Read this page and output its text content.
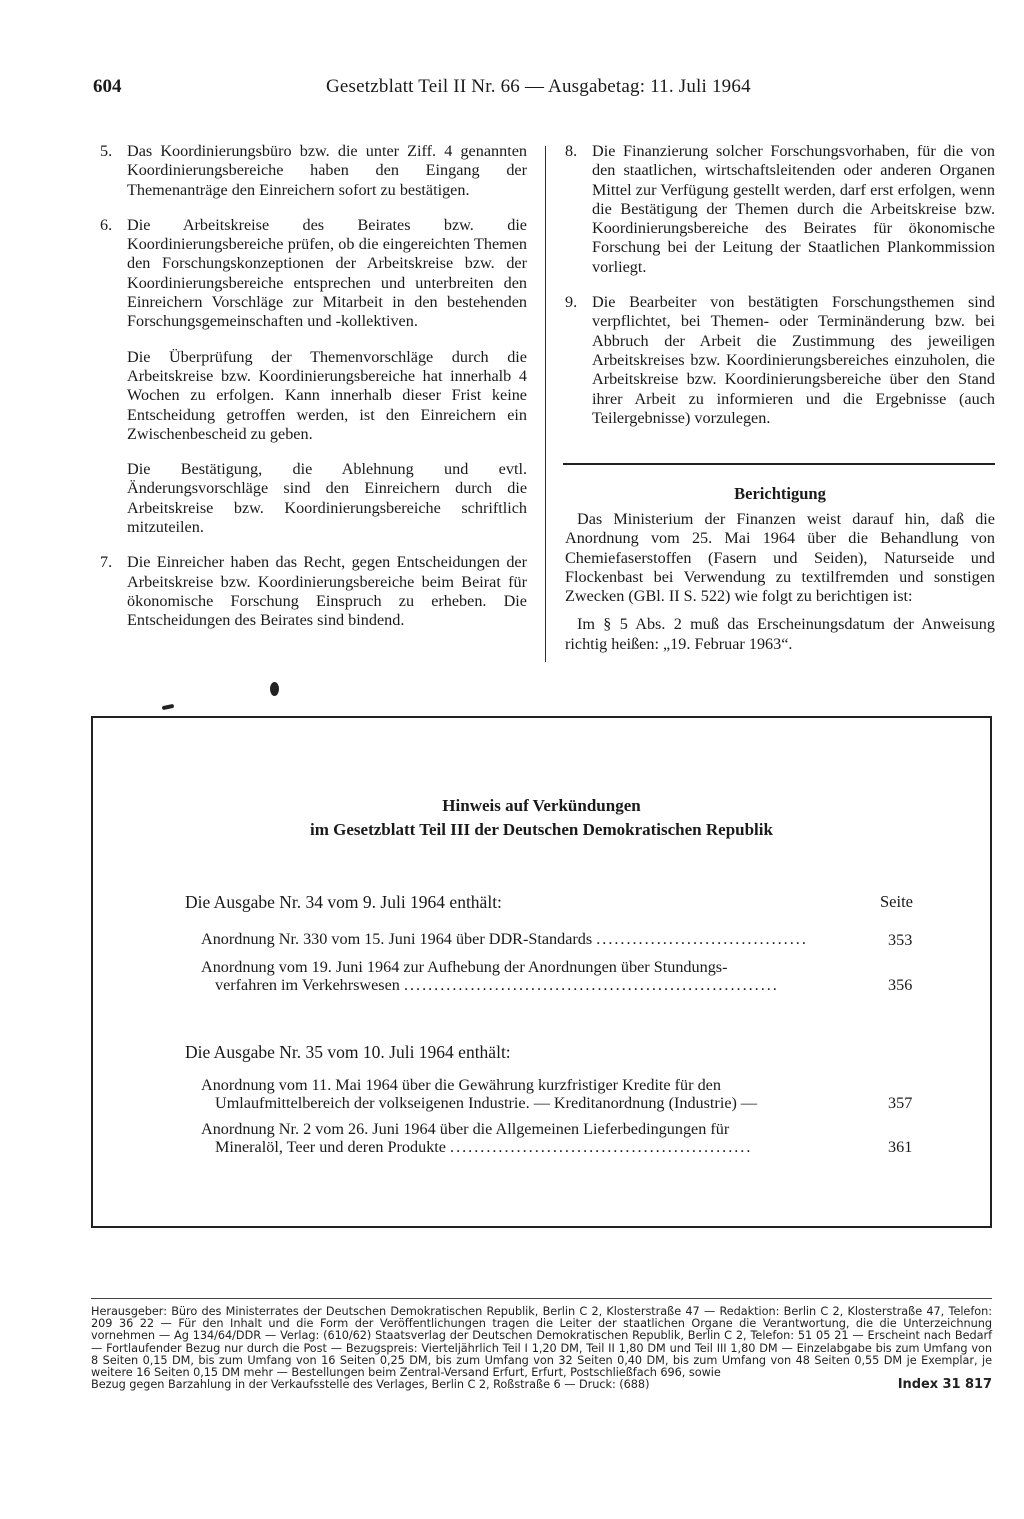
604	Gesetzblatt Teil II Nr. 66 — Ausgabetag: 11. Juli 1964
5. Das Koordinierungsbüro bzw. die unter Ziff. 4 genannten Koordinierungsbereiche haben den Eingang der Themenanträge den Einreichern sofort zu bestätigen.

6. Die Arbeitskreise des Beirates bzw. die Koordinierungsbereiche prüfen, ob die eingereichten Themen den Forschungskonzeptionen der Arbeitskreise bzw. der Koordinierungsbereiche entsprechen und unterbreiten den Einreichern Vorschläge zur Mitarbeit in den bestehenden Forschungsgemeinschaften und -kollektiven.

Die Überprüfung der Themenvorschläge durch die Arbeitskreise bzw. Koordinierungsbereiche hat innerhalb 4 Wochen zu erfolgen. Kann innerhalb dieser Frist keine Entscheidung getroffen werden, ist den Einreichern ein Zwischenbescheid zu geben.

Die Bestätigung, die Ablehnung und evtl. Änderungsvorschläge sind den Einreichern durch die Arbeitskreise bzw. Koordinierungsbereiche schriftlich mitzuteilen.

7. Die Einreicher haben das Recht, gegen Entscheidungen der Arbeitskreise bzw. Koordinierungsbereiche beim Beirat für ökonomische Forschung Einspruch zu erheben. Die Entscheidungen des Beirates sind bindend.

8. Die Finanzierung solcher Forschungsvorhaben, für die von den staatlichen, wirtschaftsleitenden oder anderen Organen Mittel zur Verfügung gestellt werden, darf erst erfolgen, wenn die Bestätigung der Themen durch die Arbeitskreise bzw. Koordinierungsbereiche des Beirates für ökonomische Forschung bei der Leitung der Staatlichen Plankommission vorliegt.

9. Die Bearbeiter von bestätigten Forschungsthemen sind verpflichtet, bei Themen- oder Terminänderung bzw. bei Abbruch der Arbeit die Zustimmung des jeweiligen Arbeitskreises bzw. Koordinierungsbereiches einzuholen, die Arbeitskreise bzw. Koordinierungsbereiche über den Stand ihrer Arbeit zu informieren und die Ergebnisse (auch Teilergebnisse) vorzulegen.

Berichtigung

Das Ministerium der Finanzen weist darauf hin, daß die Anordnung vom 25. Mai 1964 über die Behandlung von Chemiefaserstoffen (Fasern und Seiden), Naturseide und Flockenbast bei Verwendung zu textilfremden und sonstigen Zwecken (GBl. II S. 522) wie folgt zu berichtigen ist:

Im § 5 Abs. 2 muß das Erscheinungsdatum der Anweisung richtig heißen: „19. Februar 1963“.

Hinweis auf Verkündungen
im Gesetzblatt Teil III der Deutschen Demokratischen Republik
Die Ausgabe Nr. 34 vom 9. Juli 1964 enthält:	Seite
Anordnung Nr. 330 vom 15. Juni 1964 über DDR-Standards ...................................	353
Anordnung vom 19. Juni 1964 zur Aufhebung der Anordnungen über Stundungs-
verfahren im Verkehrswesen ..............................................................	356
Die Ausgabe Nr. 35 vom 10. Juli 1964 enthält:
Anordnung vom 11. Mai 1964 über die Gewährung kurzfristiger Kredite für den
Umlaufmittelbereich der volkseigenen Industrie. — Kreditanordnung (Industrie) —	357
Anordnung Nr. 2 vom 26. Juni 1964 über die Allgemeinen Lieferbedingungen für
Mineralöl, Teer und deren Produkte ..................................................	361
Herausgeber: Büro des Ministerrates der Deutschen Demokratischen Republik, Berlin C 2, Klosterstraße 47 — Redaktion: Berlin C 2, Klosterstraße 47, Telefon: 209 36 22 — Für den Inhalt und die Form der Veröffentlichungen tragen die Leiter der staatlichen Organe die Verantwortung, die die Unterzeichnung vornehmen — Ag 134/64/DDR — Verlag: (610/62) Staatsverlag der Deutschen Demokratischen Republik, Berlin C 2, Telefon: 51 05 21 — Erscheint nach Bedarf — Fortlaufender Bezug nur durch die Post — Bezugspreis: Vierteljährlich Teil I 1,20 DM, Teil II 1,80 DM und Teil III 1,80 DM — Einzelabgabe bis zum Umfang von 8 Seiten 0,15 DM, bis zum Umfang von 16 Seiten 0,25 DM, bis zum Umfang von 32 Seiten 0,40 DM, bis zum Umfang von 48 Seiten 0,55 DM je Exemplar, je weitere 16 Seiten 0,15 DM mehr — Bestellungen beim Zentral-Versand Erfurt, Erfurt, Postschließfach 696, sowie
Bezug gegen Barzahlung in der Verkaufsstelle des Verlages, Berlin C 2, Roßstraße 6 — Druck: (688)	Index 31 817
